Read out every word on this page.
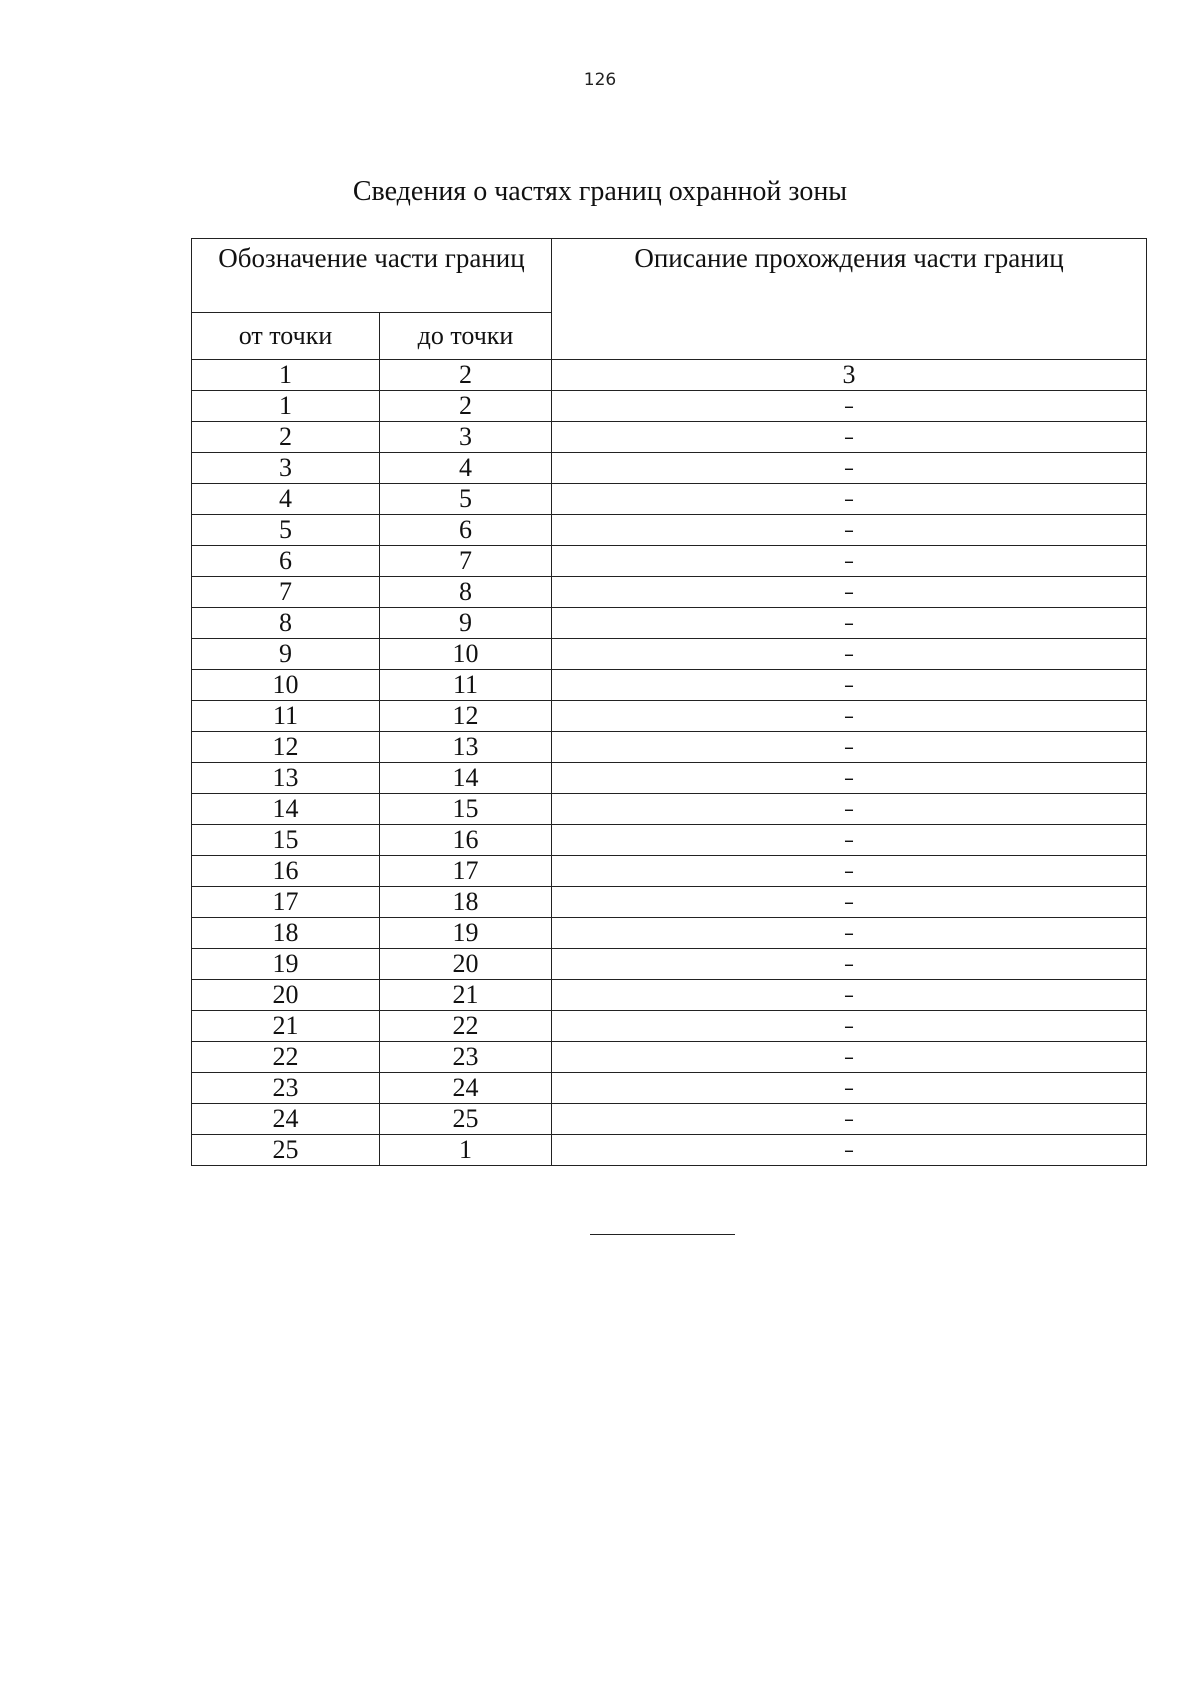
126
Сведения о частях границ охранной зоны
Обозначение части границ		Описание прохождения части границ
от точки	до точки	
1	2	3
1	2	–
2	3	–
3	4	–
4	5	–
5	6	–
6	7	–
7	8	–
8	9	–
9	10	–
10	11	–
11	12	–
12	13	–
13	14	–
14	15	–
15	16	–
16	17	–
17	18	–
18	19	–
19	20	–
20	21	–
21	22	–
22	23	–
23	24	–
24	25	–
25	1	–
